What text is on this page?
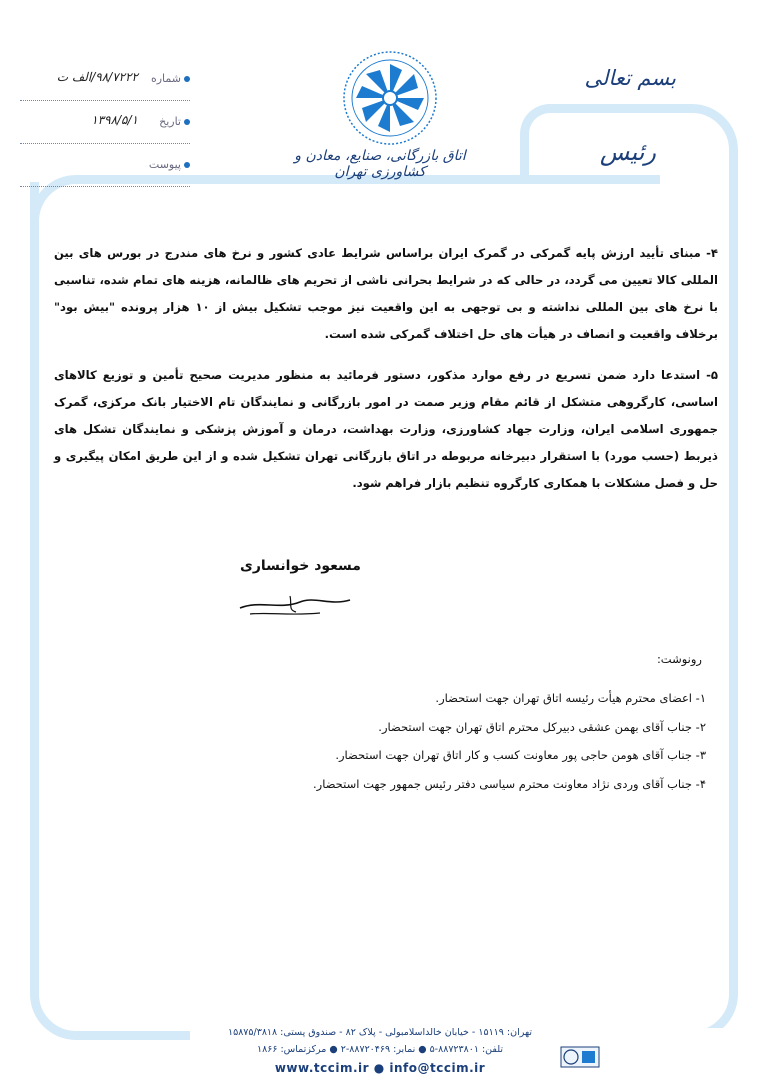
شماره
۹۸/۷۲۲۲/الف ت
تاریخ
۱۳۹۸/۵/۱
پیوست
اتاق بازرگانی، صنایع، معادن و کشاورزی تهران
بسم تعالی
رئیس

۴- مبنای تأیید ارزش پایه گمرکی در گمرک ایران براساس شرایط عادی کشور و نرخ های مندرج در بورس های بین المللی کالا تعیین می گردد، در حالی که در شرایط بحرانی ناشی از تحریم های ظالمانه، هزینه های تمام شده، تناسبی با نرخ های بین المللی نداشته و بی توجهی به این واقعیت نیز موجب تشکیل بیش از ۱۰ هزار پرونده "بیش بود" برخلاف واقعیت و انصاف در هیأت های حل اختلاف گمرکی شده است.

۵- استدعا دارد ضمن تسریع در رفع موارد مذکور، دستور فرمائید به منظور مدیریت صحیح تأمین و توزیع کالاهای اساسی، کارگروهی متشکل از قائم مقام وزیر صمت در امور بازرگانی و نمایندگان تام الاختیار بانک مرکزی، گمرک جمهوری اسلامی ایران، وزارت جهاد کشاورزی، وزارت بهداشت، درمان و آموزش پزشکی و نمایندگان تشکل های ذیربط (حسب مورد) با استقرار دبیرخانه مربوطه در اتاق بازرگانی تهران تشکیل شده و از این طریق امکان پیگیری و حل و فصل مشکلات با همکاری کارگروه تنظیم بازار فراهم شود.

مسعود خوانساری
رونوشت:
۱- اعضای محترم هیأت رئیسه اتاق تهران جهت استحضار.
۲- جناب آقای بهمن عشقی دبیرکل محترم اتاق تهران جهت استحضار.
۳- جناب آقای هومن حاجی پور معاونت کسب و کار اتاق تهران جهت استحضار.
۴- جناب آقای وردی نژاد معاونت محترم سیاسی دفتر رئیس جمهور جهت استحضار.
تهران: ۱۵۱۱۹ - خیابان خالداسلامبولی - پلاک ۸۲ - صندوق پستی: ۱۵۸۷۵/۳۸۱۸
تلفن: ۸۸۷۲۳۸۰۱-۵ ● نمابر: ۸۸۷۲۰۴۶۹-۲ ● مرکزتماس: ۱۸۶۶
www.tccim.ir ● info@tccim.ir
